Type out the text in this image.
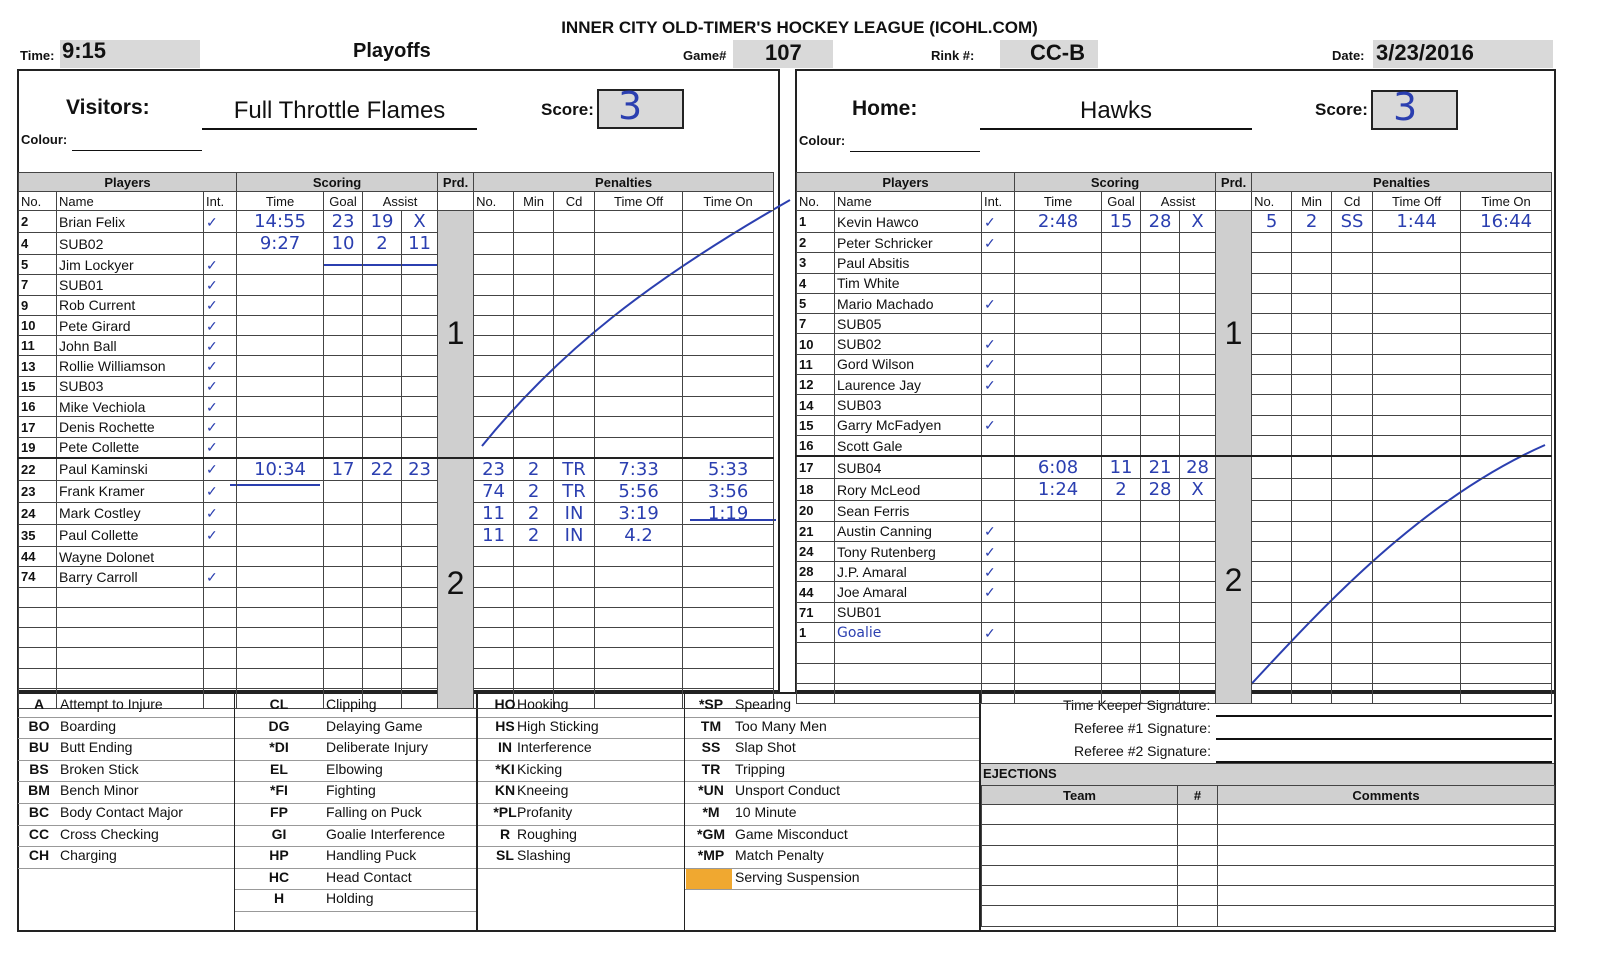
INNER CITY OLD-TIMER'S HOCKEY LEAGUE (ICOHL.COM)
Time: 9:15	Playoffs	Game# 107	Rink #:	CC-B	Date: 3/23/2016
Visitors:	Full Throttle Flames
Colour:
Score: 3	Home:	Hawks
Colour:
Score: 3
Time Keeper Signature:
Referee #1 Signature:
Referee #2 Signature:
EJECTIONS
Team	#	Comments

Players			Scoring				Prd.	Penalties				
No.	Name	Int.	Time	Goal	Assist			No.	Min	Cd	Time Off	Time On
2	Brian Felix	✓	14:55	23	19	X	1					
4	SUB02		9:27	10	2	11						
5	Jim Lockyer	✓										
7	SUB01	✓										
9	Rob Current	✓										
10	Pete Girard	✓										
11	John Ball	✓										
13	Rollie Williamson	✓										
15	SUB03	✓										
16	Mike Vechiola	✓										
17	Denis Rochette	✓										
19	Pete Collette	✓										
22	Paul Kaminski	✓	10:34	17	22	23	2	23	2	TR	7:33	5:33
23	Frank Kramer	✓						74	2	TR	5:56	3:56
24	Mark Costley	✓						11	2	IN	3:19	1:19
35	Paul Collette	✓						11	2	IN	4.2	
44	Wayne Dolonet											
74	Barry Carroll	✓										

Players			Scoring				Prd.	Penalties				
No.	Name	Int.	Time	Goal	Assist			No.	Min	Cd	Time Off	Time On
1	Kevin Hawco	✓	2:48	15	28	X	1	5	2	SS	1:44	16:44
2	Peter Schricker	✓										
3	Paul Absitis											
4	Tim White											
5	Mario Machado	✓										
7	SUB05											
10	SUB02	✓										
11	Gord Wilson	✓										
12	Laurence Jay	✓										
14	SUB03											
15	Garry McFadyen	✓										
16	Scott Gale											
17	SUB04		6:08	11	21	28	2					
18	Rory McLeod		1:24	2	28	X						
20	Sean Ferris											
21	Austin Canning	✓										
24	Tony Rutenberg	✓										
28	J.P. Amaral	✓										
44	Joe Amaral	✓										
71	SUB01											
1	Goalie	✓										

A	Attempt to Injure
BO Boarding
BU Butt Ending
BS Broken Stick
BM Bench Minor
BC Body Contact Major
CC Cross Checking
CH Charging
CL	Clipping
DG	Delaying Game
*DI	Deliberate Injury
EL	Elbowing
*FI	Fighting
FP	Falling on Puck
GI	Goalie Interference
HP	Handling Puck
HC	Head Contact
H	Holding
HO Hooking
HS High Sticking
IN Interference
*KI Kicking
KN Kneeing
*PL Profanity
R Roughing
SL Slashing
*SP Spearing
TM Too Many Men
SS	Slap Shot
TR	Tripping
*UN Unsport Conduct
*M	10 Minute
*GM Game Misconduct
*MP Match Penalty
Serving Suspension
